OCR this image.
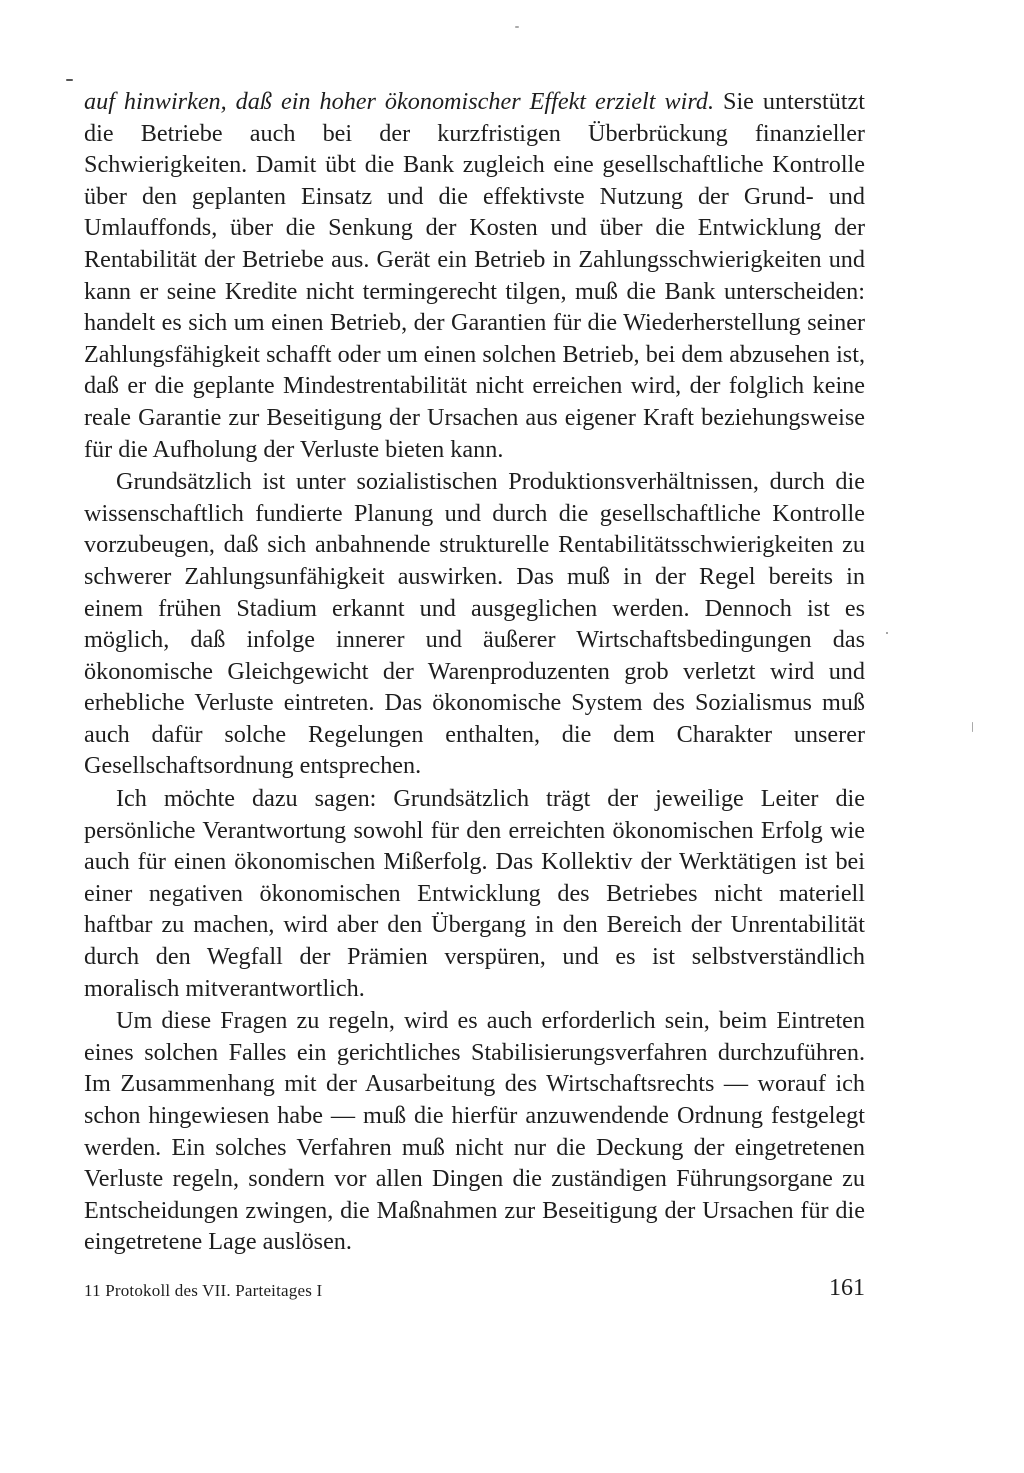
auf hinwirken, daß ein hoher ökonomischer Effekt erzielt wird. Sie unterstützt die Betriebe auch bei der kurzfristigen Überbrückung finanzieller Schwierigkeiten. Damit übt die Bank zugleich eine gesellschaftliche Kontrolle über den geplanten Einsatz und die effektivste Nutzung der Grund- und Umlauffonds, über die Senkung der Kosten und über die Entwicklung der Rentabilität der Betriebe aus. Gerät ein Betrieb in Zahlungsschwierigkeiten und kann er seine Kredite nicht termingerecht tilgen, muß die Bank unterscheiden: handelt es sich um einen Betrieb, der Garantien für die Wiederherstellung seiner Zahlungsfähigkeit schafft oder um einen solchen Betrieb, bei dem abzusehen ist, daß er die geplante Mindestrentabilität nicht erreichen wird, der folglich keine reale Garantie zur Beseitigung der Ursachen aus eigener Kraft beziehungsweise für die Aufholung der Verluste bieten kann.

Grundsätzlich ist unter sozialistischen Produktionsverhältnissen, durch die wissenschaftlich fundierte Planung und durch die gesellschaftliche Kontrolle vorzubeugen, daß sich anbahnende strukturelle Rentabilitätsschwierigkeiten zu schwerer Zahlungsunfähigkeit auswirken. Das muß in der Regel bereits in einem frühen Stadium erkannt und ausgeglichen werden. Dennoch ist es möglich, daß infolge innerer und äußerer Wirtschaftsbedingungen das ökonomische Gleichgewicht der Warenproduzenten grob verletzt wird und erhebliche Verluste eintreten. Das ökonomische System des Sozialismus muß auch dafür solche Regelungen enthalten, die dem Charakter unserer Gesellschaftsordnung entsprechen.

Ich möchte dazu sagen: Grundsätzlich trägt der jeweilige Leiter die persönliche Verantwortung sowohl für den erreichten ökonomischen Erfolg wie auch für einen ökonomischen Mißerfolg. Das Kollektiv der Werktätigen ist bei einer negativen ökonomischen Entwicklung des Betriebes nicht materiell haftbar zu machen, wird aber den Übergang in den Bereich der Unrentabilität durch den Wegfall der Prämien verspüren, und es ist selbstverständlich moralisch mitverantwortlich.

Um diese Fragen zu regeln, wird es auch erforderlich sein, beim Eintreten eines solchen Falles ein gerichtliches Stabilisierungsverfahren durchzuführen. Im Zusammenhang mit der Ausarbeitung des Wirtschaftsrechts — worauf ich schon hingewiesen habe — muß die hierfür anzuwendende Ordnung festgelegt werden. Ein solches Verfahren muß nicht nur die Deckung der eingetretenen Verluste regeln, sondern vor allen Dingen die zuständigen Führungsorgane zu Entscheidungen zwingen, die Maßnahmen zur Beseitigung der Ursachen für die eingetretene Lage auslösen.

11 Protokoll des VII. Parteitages I	161
